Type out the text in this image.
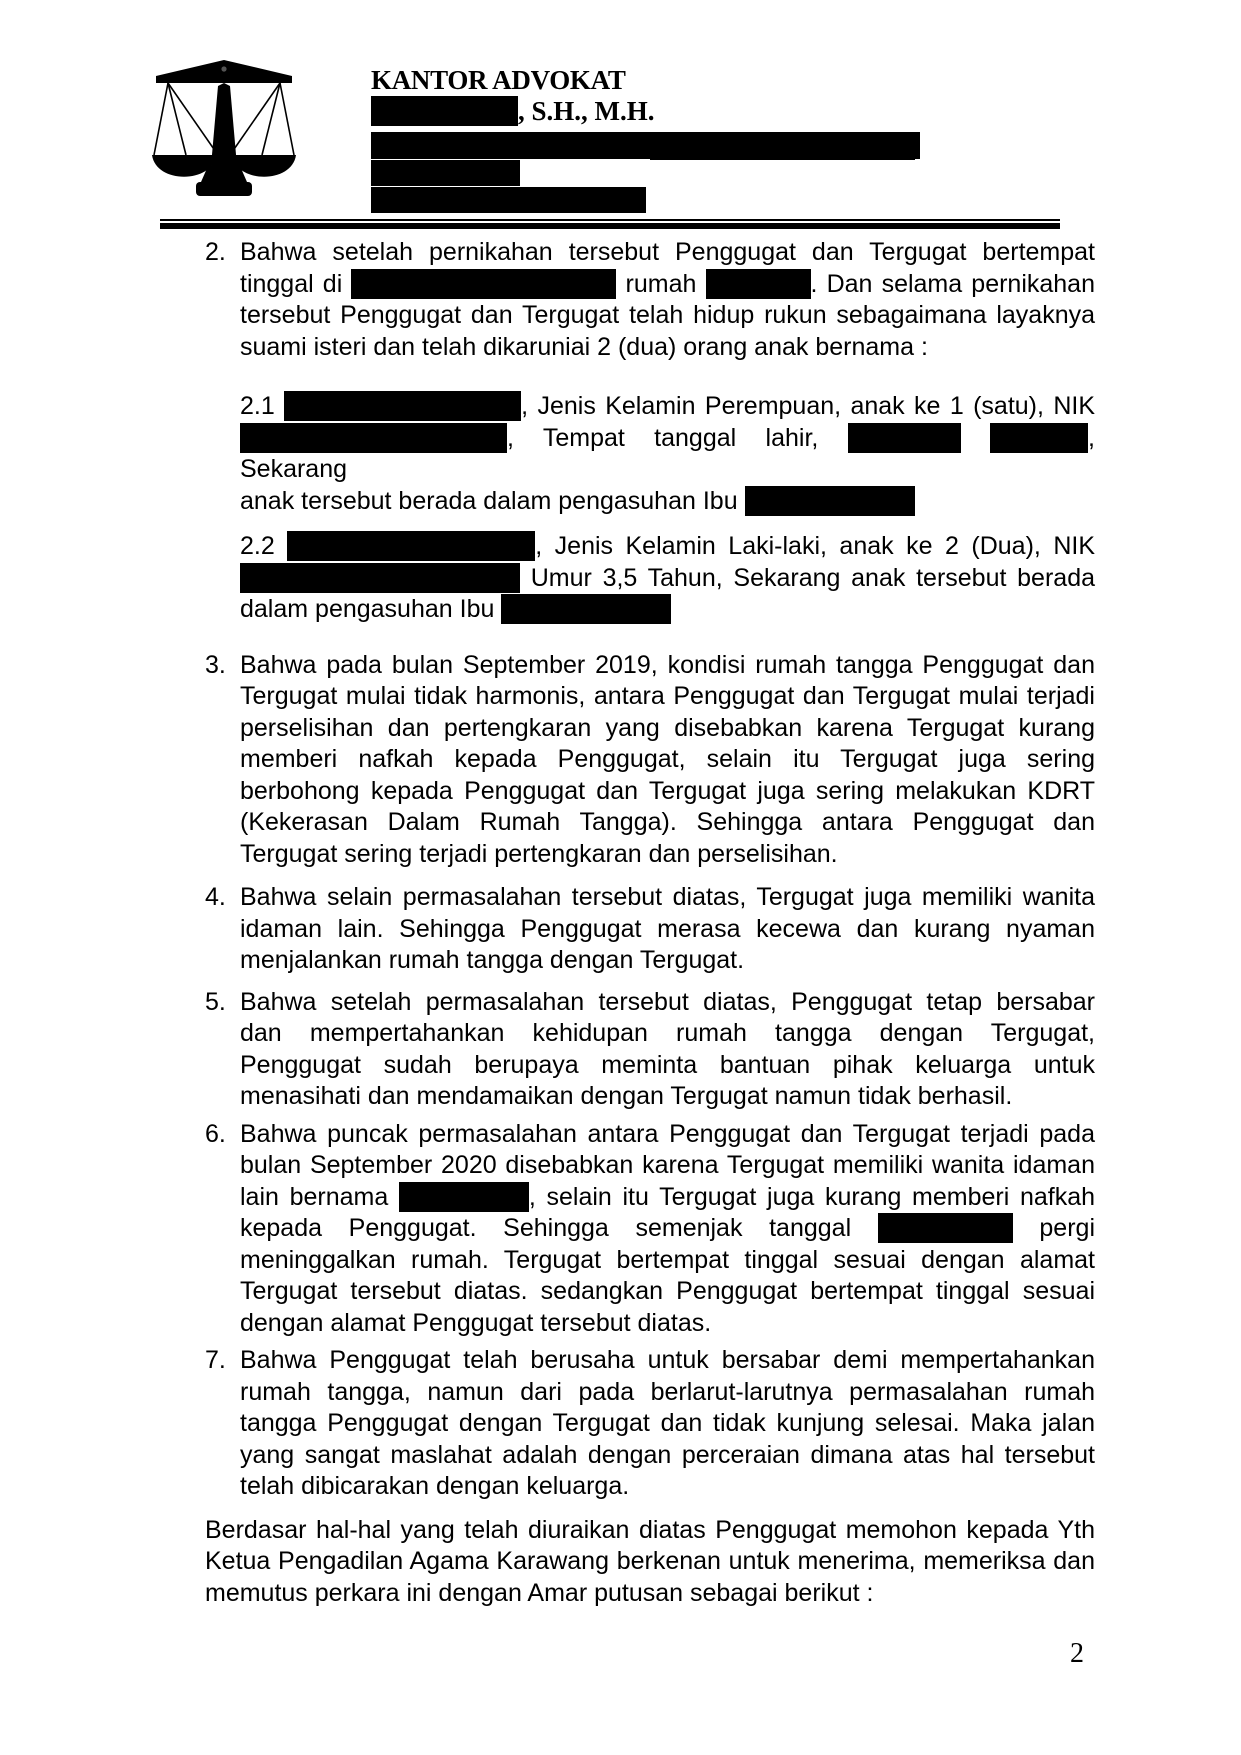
KANTOR ADVOKAT
, S.H., M.H.
2. Bahwa setelah pernikahan tersebut Penggugat dan Tergugat bertempat
tinggal di	rumah	. Dan selama pernikahan
tersebut Penggugat dan Tergugat telah hidup rukun sebagaimana layaknya
suami isteri dan telah dikaruniai 2 (dua) orang anak bernama :
2.1	, Jenis Kelamin Perempuan, anak ke 1 (satu), NIK
, Tempat tanggal lahir,	, Sekarang
anak tersebut berada dalam pengasuhan Ibu
2.2	, Jenis Kelamin Laki-laki, anak ke 2 (Dua), NIK
Umur 3,5 Tahun, Sekarang anak tersebut berada
dalam pengasuhan Ibu
3. Bahwa pada bulan September 2019, kondisi rumah tangga Penggugat dan
Tergugat mulai tidak harmonis, antara Penggugat dan Tergugat mulai terjadi
perselisihan dan pertengkaran yang disebabkan karena Tergugat kurang
memberi nafkah kepada Penggugat, selain itu Tergugat juga sering
berbohong kepada Penggugat dan Tergugat juga sering melakukan KDRT
(Kekerasan Dalam Rumah Tangga). Sehingga antara Penggugat dan
Tergugat sering terjadi pertengkaran dan perselisihan.
4. Bahwa selain permasalahan tersebut diatas, Tergugat juga memiliki wanita
idaman lain. Sehingga Penggugat merasa kecewa dan kurang nyaman
menjalankan rumah tangga dengan Tergugat.
5. Bahwa setelah permasalahan tersebut diatas, Penggugat tetap bersabar
dan mempertahankan kehidupan rumah tangga dengan Tergugat,
Penggugat sudah berupaya meminta bantuan pihak keluarga untuk
menasihati dan mendamaikan dengan Tergugat namun tidak berhasil.
6. Bahwa puncak permasalahan antara Penggugat dan Tergugat terjadi pada
bulan September 2020 disebabkan karena Tergugat memiliki wanita idaman
lain bernama	, selain itu Tergugat juga kurang memberi nafkah
kepada Penggugat. Sehingga semenjak tanggal	pergi
meninggalkan rumah. Tergugat bertempat tinggal sesuai dengan alamat
Tergugat tersebut diatas. sedangkan Penggugat bertempat tinggal sesuai
dengan alamat Penggugat tersebut diatas.
7. Bahwa Penggugat telah berusaha untuk bersabar demi mempertahankan
rumah tangga, namun dari pada berlarut-larutnya permasalahan rumah
tangga Penggugat dengan Tergugat dan tidak kunjung selesai. Maka jalan
yang sangat maslahat adalah dengan perceraian dimana atas hal tersebut
telah dibicarakan dengan keluarga.
Berdasar hal-hal yang telah diuraikan diatas Penggugat memohon kepada Yth
Ketua Pengadilan Agama Karawang berkenan untuk menerima, memeriksa dan
memutus perkara ini dengan Amar putusan sebagai berikut :
2
